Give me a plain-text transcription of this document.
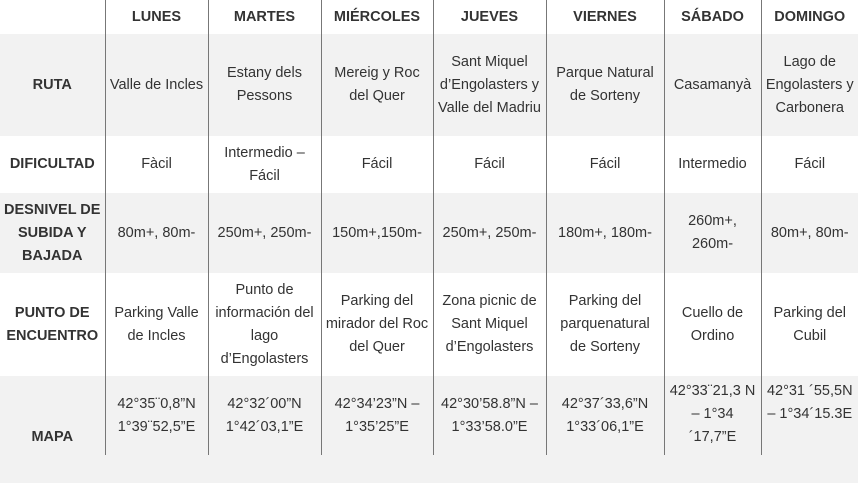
	LUNES	MARTES	MIÉRCOLES	JUEVES	VIERNES	SÁBADO	DOMINGO
RUTA	Valle de Incles	Estany dels Pessons	Mereig y Roc del Quer	Sant Miquel d’Engolasters y Valle del Madriu	Parque Natural de Sorteny	Casamanyà	Lago de Engolasters y Carbonera
DIFICULTAD	Fàcil	Intermedio – Fácil	Fácil	Fácil	Fácil	Intermedio	Fácil
DESNIVEL DE SUBIDA Y BAJADA	80m+, 80m-	250m+, 250m-	150m+,150m-	250m+, 250m-	180m+, 180m-	260m+, 260m-	80m+, 80m-
PUNTO DE ENCUENTRO	Parking Valle de Incles	Punto de información del lago d’Engolasters	Parking del mirador del Roc del Quer	Zona picnic de Sant Miquel d’Engolasters	Parking del parquenatural de Sorteny	Cuello de Ordino	Parking del Cubil
MAPA	42°35¨0,8”N 1°39¨52,5”E	42°32´00”N 1°42´03,1”E	42°34’23”N – 1°35’25”E	42°30’58.8”N – 1°33’58.0”E	42°37´33,6”N 1°33´06,1”E	42°33¨21,3 N – 1°34 ´17,7”E	42°31 ´55,5N – 1°34´15.3E
